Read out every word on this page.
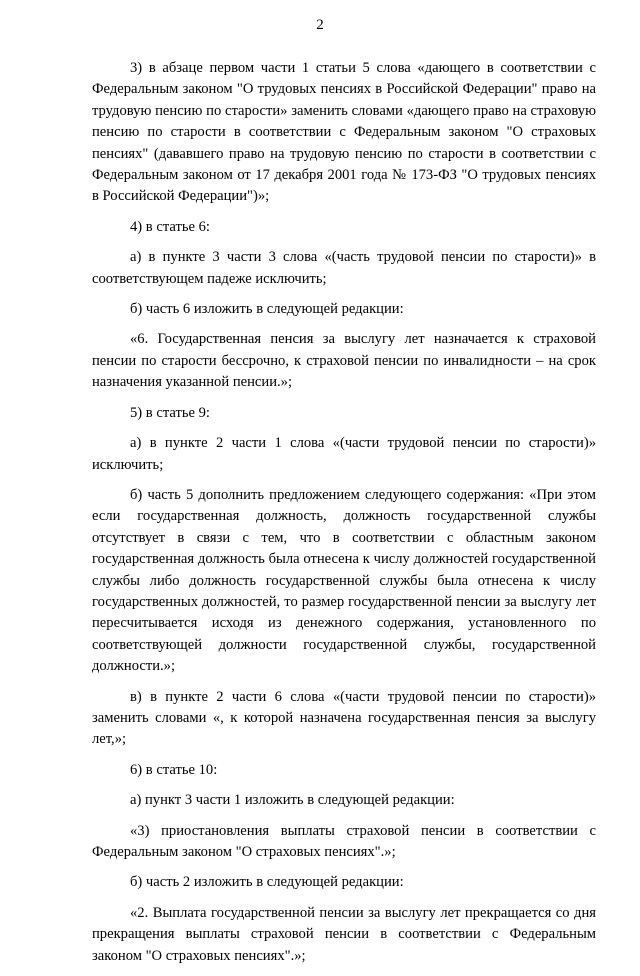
2

3) в абзаце первом части 1 статьи 5 слова «дающего в соответствии с Федеральным законом "О трудовых пенсиях в Российской Федерации" право на трудовую пенсию по старости» заменить словами «дающего право на страховую пенсию по старости в соответствии с Федеральным законом "О страховых пенсиях" (дававшего право на трудовую пенсию по старости в соответствии с Федеральным законом от 17 декабря 2001 года № 173-ФЗ "О трудовых пенсиях в Российской Федерации")»;

4) в статье 6:

а) в пункте 3 части 3 слова «(часть трудовой пенсии по старости)» в соответствующем падеже исключить;

б) часть 6 изложить в следующей редакции:

«6. Государственная пенсия за выслугу лет назначается к страховой пенсии по старости бессрочно, к страховой пенсии по инвалидности – на срок назначения указанной пенсии.»;

5) в статье 9:

а) в пункте 2 части 1 слова «(части трудовой пенсии по старости)» исключить;

б) часть 5 дополнить предложением следующего содержания: «При этом если государственная должность, должность государственной службы отсутствует в связи с тем, что в соответствии с областным законом государственная должность была отнесена к числу должностей государственной службы либо должность государственной службы была отнесена к числу государственных должностей, то размер государственной пенсии за выслугу лет пересчитывается исходя из денежного содержания, установленного по соответствующей должности государственной службы, государственной должности.»;

в) в пункте 2 части 6 слова «(части трудовой пенсии по старости)» заменить словами «, к которой назначена государственная пенсия за выслугу лет,»;

6) в статье 10:

а) пункт 3 части 1 изложить в следующей редакции:

«3) приостановления выплаты страховой пенсии в соответствии с Федеральным законом "О страховых пенсиях".»;

б) часть 2 изложить в следующей редакции:

«2. Выплата государственной пенсии за выслугу лет прекращается со дня прекращения выплаты страховой пенсии в соответствии с Федеральным законом "О страховых пенсиях".»;
